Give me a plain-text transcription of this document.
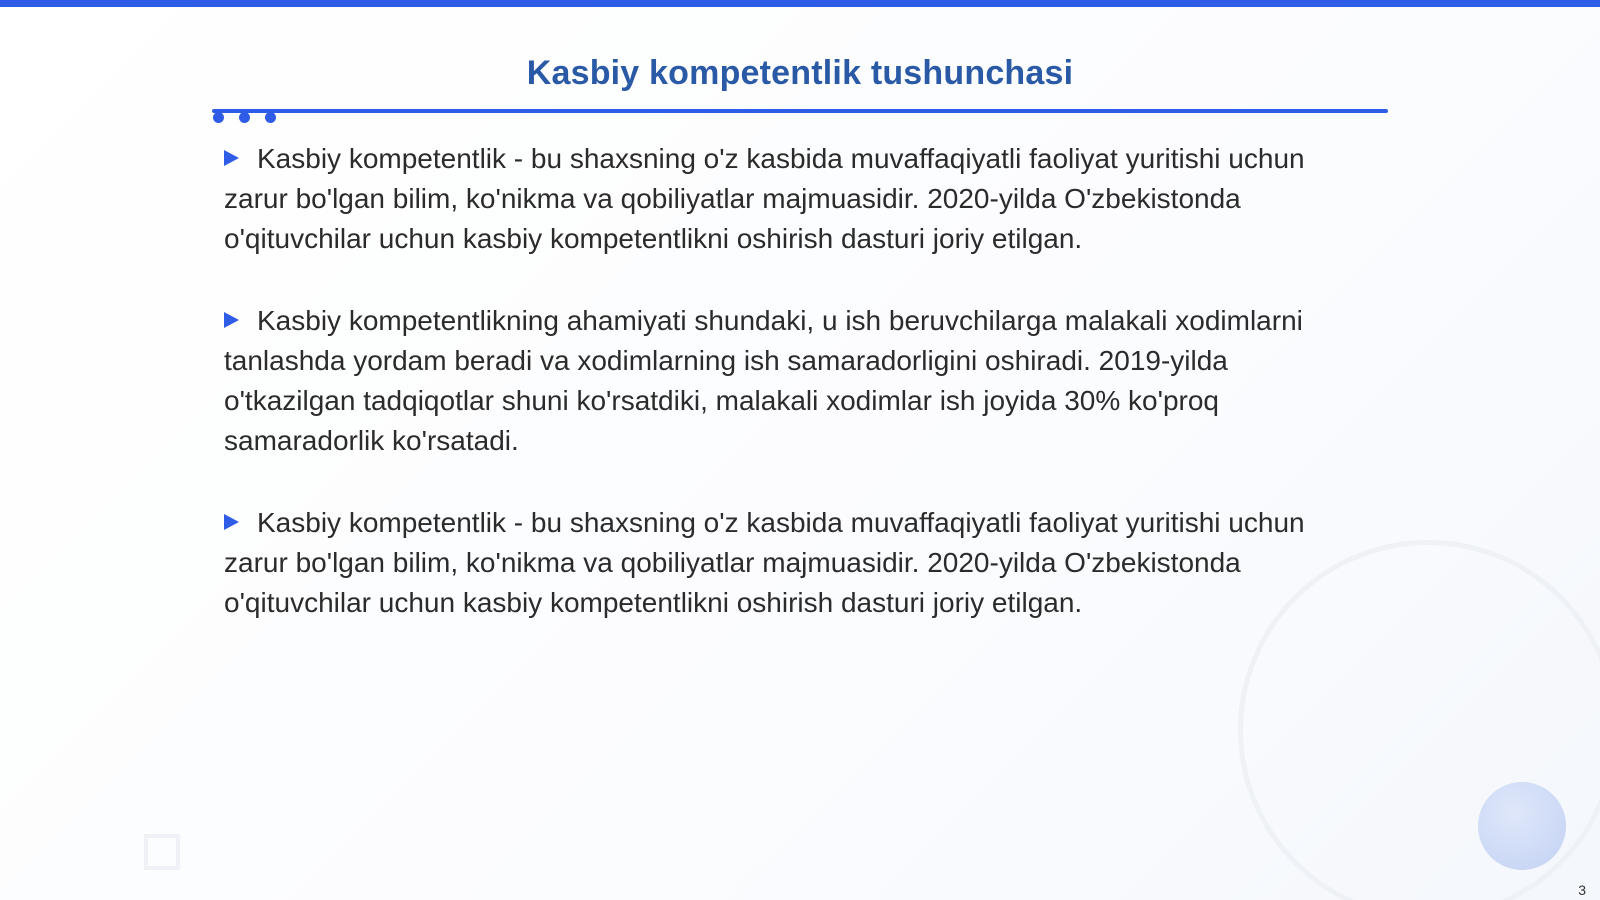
Kasbiy kompetentlik tushunchasi

Kasbiy kompetentlik - bu shaxsning o'z kasbida muvaffaqiyatli faoliyat yuritishi uchun zarur bo'lgan bilim, ko'nikma va qobiliyatlar majmuasidir. 2020-yilda O'zbekistonda o'qituvchilar uchun kasbiy kompetentlikni oshirish dasturi joriy etilgan.

Kasbiy kompetentlikning ahamiyati shundaki, u ish beruvchilarga malakali xodimlarni tanlashda yordam beradi va xodimlarning ish samaradorligini oshiradi. 2019-yilda o'tkazilgan tadqiqotlar shuni ko'rsatdiki, malakali xodimlar ish joyida 30% ko'proq samaradorlik ko'rsatadi.

Kasbiy kompetentlik - bu shaxsning o'z kasbida muvaffaqiyatli faoliyat yuritishi uchun zarur bo'lgan bilim, ko'nikma va qobiliyatlar majmuasidir. 2020-yilda O'zbekistonda o'qituvchilar uchun kasbiy kompetentlikni oshirish dasturi joriy etilgan.

3
